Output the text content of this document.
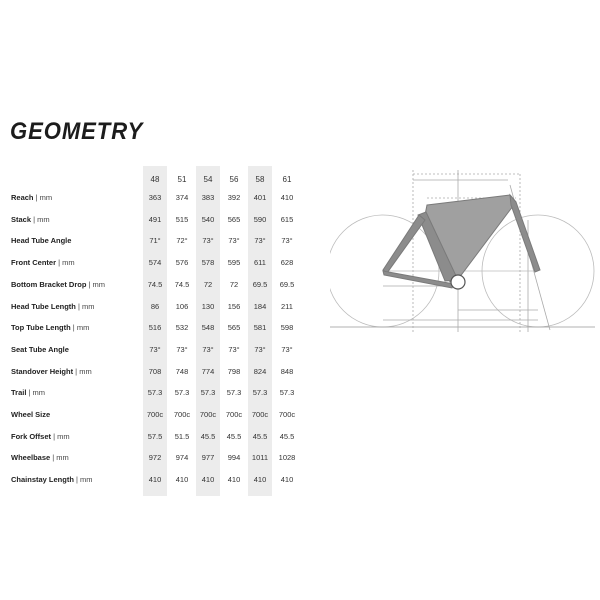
GEOMETRY
48	51	54	56	58	61
Reach | mm	363	374	383	392	401	410
Stack | mm	491	515	540	565	590	615
Head Tube Angle	71°	72°	73°	73°	73°	73°
Front Center | mm	574	576	578	595	611	628
Bottom Bracket Drop | mm	74.5	74.5	72	72	69.5	69.5
Head Tube Length | mm	86	106	130	156	184	211
Top Tube Length | mm	516	532	548	565	581	598
Seat Tube Angle	73°	73°	73°	73°	73°	73°
Standover Height | mm	708	748	774	798	824	848
Trail | mm	57.3	57.3	57.3	57.3	57.3	57.3
Wheel Size	700c	700c	700c	700c	700c	700c
Fork Offset | mm	57.5	51.5	45.5	45.5	45.5	45.5
Wheelbase | mm	972	974	977	994	1011	1028
Chainstay Length | mm	410	410	410	410	410	410
